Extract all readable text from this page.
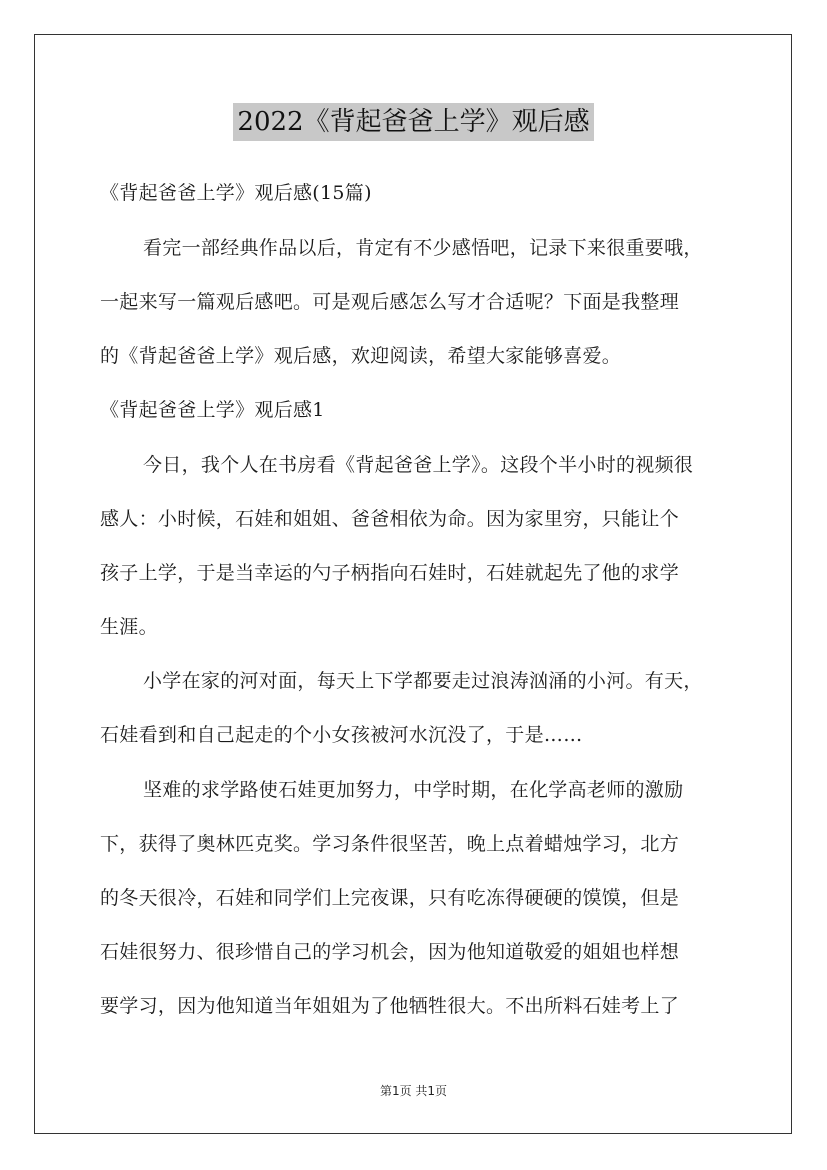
2022《背起爸爸上学》观后感
《背起爸爸上学》观后感(15篇)
看完一部经典作品以后，肯定有不少感悟吧，记录下来很重要哦，
一起来写一篇观后感吧。可是观后感怎么写才合适呢？下面是我整理
的《背起爸爸上学》观后感，欢迎阅读，希望大家能够喜爱。
《背起爸爸上学》观后感1
今日，我个人在书房看《背起爸爸上学》。这段个半小时的视频很
感人：小时候，石娃和姐姐、爸爸相依为命。因为家里穷，只能让个
孩子上学，于是当幸运的勺子柄指向石娃时，石娃就起先了他的求学
生涯。
小学在家的河对面，每天上下学都要走过浪涛汹涌的小河。有天，
石娃看到和自己起走的个小女孩被河水沉没了，于是……
坚难的求学路使石娃更加努力，中学时期，在化学高老师的激励
下，获得了奥林匹克奖。学习条件很坚苦，晚上点着蜡烛学习，北方
的冬天很冷，石娃和同学们上完夜课，只有吃冻得硬硬的馍馍，但是
石娃很努力、很珍惜自己的学习机会，因为他知道敬爱的姐姐也样想
要学习，因为他知道当年姐姐为了他牺牲很大。不出所料石娃考上了
第1页 共1页
